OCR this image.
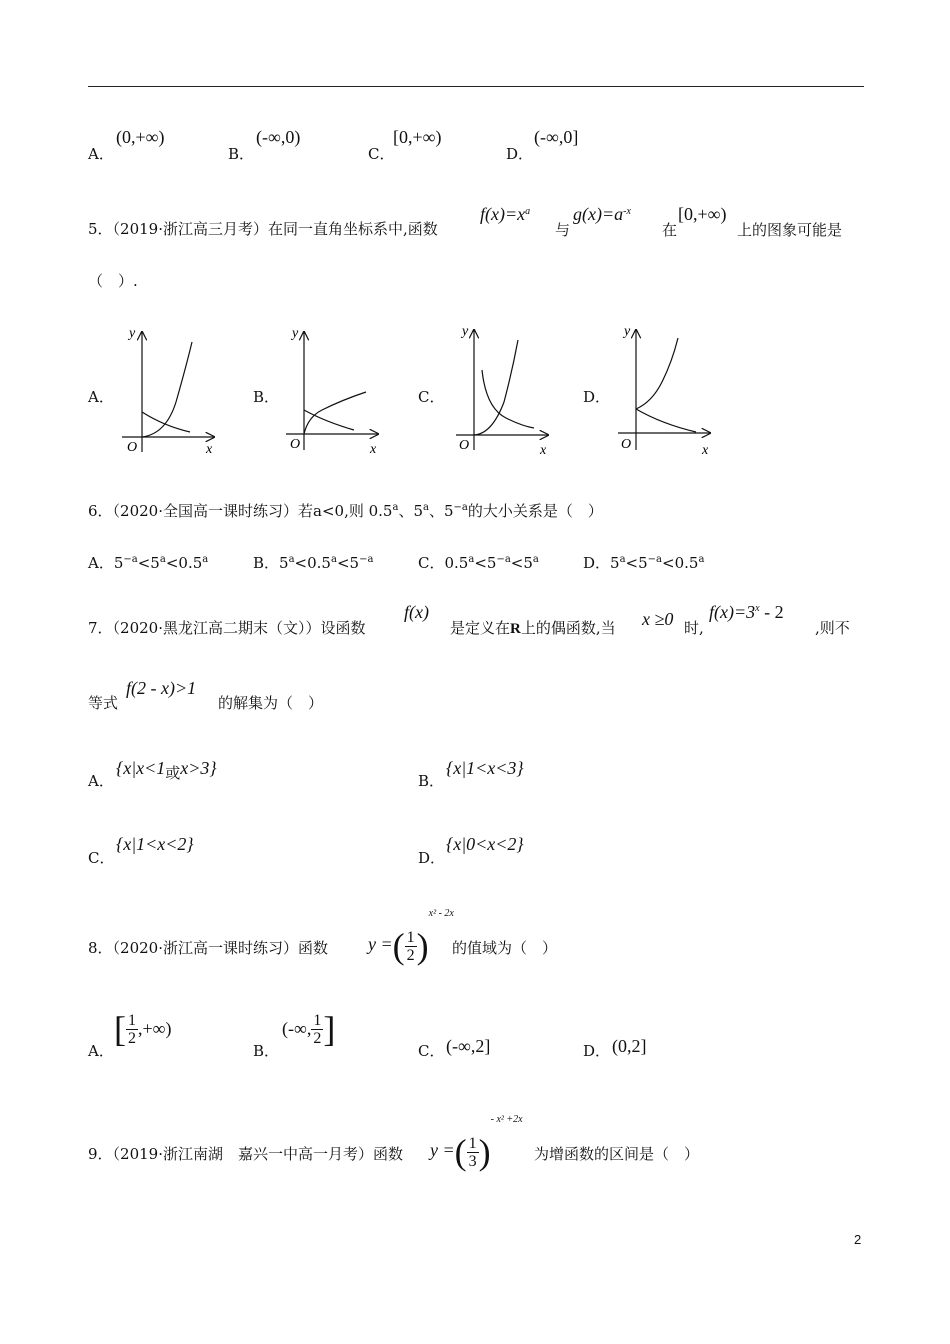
A．
(0,+∞)
B．
(-∞,0)
C．
[0,+∞)
D．
(-∞,0]
5．（2019·浙江高三月考）在同一直角坐标系中,函数
$f(x)=x^a$
与
$g(x)=a^{-x}$
在
[0,+∞)
上的图象可能是
（　）.
A．	B．	C．	D．
y
x
O
y
x
O
y
x
O
y
x
O
6．（2020·全国高一课时练习）若a<0,则 0.5$^a$、5$^a$、$5^{-a}$的大小关系是（　）
A．$5^{-a}<5^a<0.5^a$	B．$5^a<0.5^a<5^{-a}$	C．$0.5^a<5^{-a}<5^a$	D．$5^a<5^{-a}<0.5^a$
7．（2020·黑龙江高二期末（文））设函数
f(x)
是定义在R上的偶函数,当 x ≥0 时,
$f(x)=3^x - 2$
,则不
等式
f(2 - x)>1
的解集为（　）
A．
$\{x|x<1_或x>3\}$
B．
{x|1<x<3}
C．
{x|1<x<2}
D．
{x|0<x<2}
8．（2020·浙江高一课时练习）函数 y =( $\frac{1}{2} )^{x^2 - 2x}$
的值域为（　）
A．
[ $\frac{1}{2}$ ,+∞)
B．
(-∞, $\frac{1}{2}$ ]
C． (-∞,2]	D． (0,2]
9．（2019·浙江南湖　嘉兴一中高一月考）函数 y =( $\frac{1}{3} )^{- x^2 +2x}$
为增函数的区间是（　）
2
